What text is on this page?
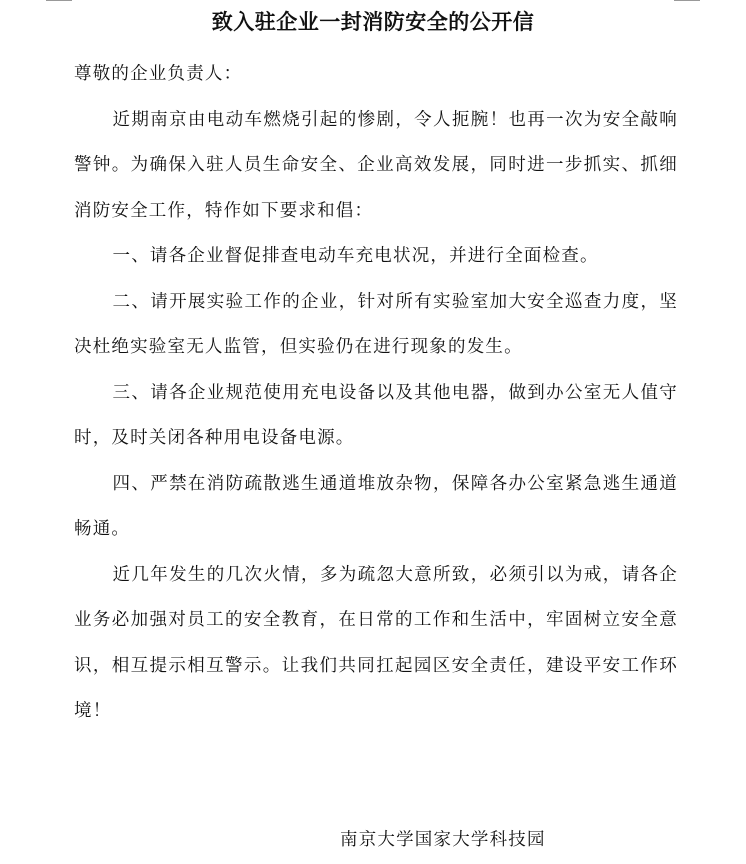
致入驻企业一封消防安全的公开信

尊敬的企业负责人：

近期南京由电动车燃烧引起的惨剧，令人扼腕！也再一次为安全敲响警钟。为确保入驻人员生命安全、企业高效发展，同时进一步抓实、抓细消防安全工作，特作如下要求和倡：

一、请各企业督促排查电动车充电状况，并进行全面检查。

二、请开展实验工作的企业，针对所有实验室加大安全巡查力度，坚决杜绝实验室无人监管，但实验仍在进行现象的发生。

三、请各企业规范使用充电设备以及其他电器，做到办公室无人值守时，及时关闭各种用电设备电源。

四、严禁在消防疏散逃生通道堆放杂物，保障各办公室紧急逃生通道畅通。

近几年发生的几次火情，多为疏忽大意所致，必须引以为戒，请各企业务必加强对员工的安全教育，在日常的工作和生活中，牢固树立安全意识，相互提示相互警示。让我们共同扛起园区安全责任，建设平安工作环境！

南京大学国家大学科技园
